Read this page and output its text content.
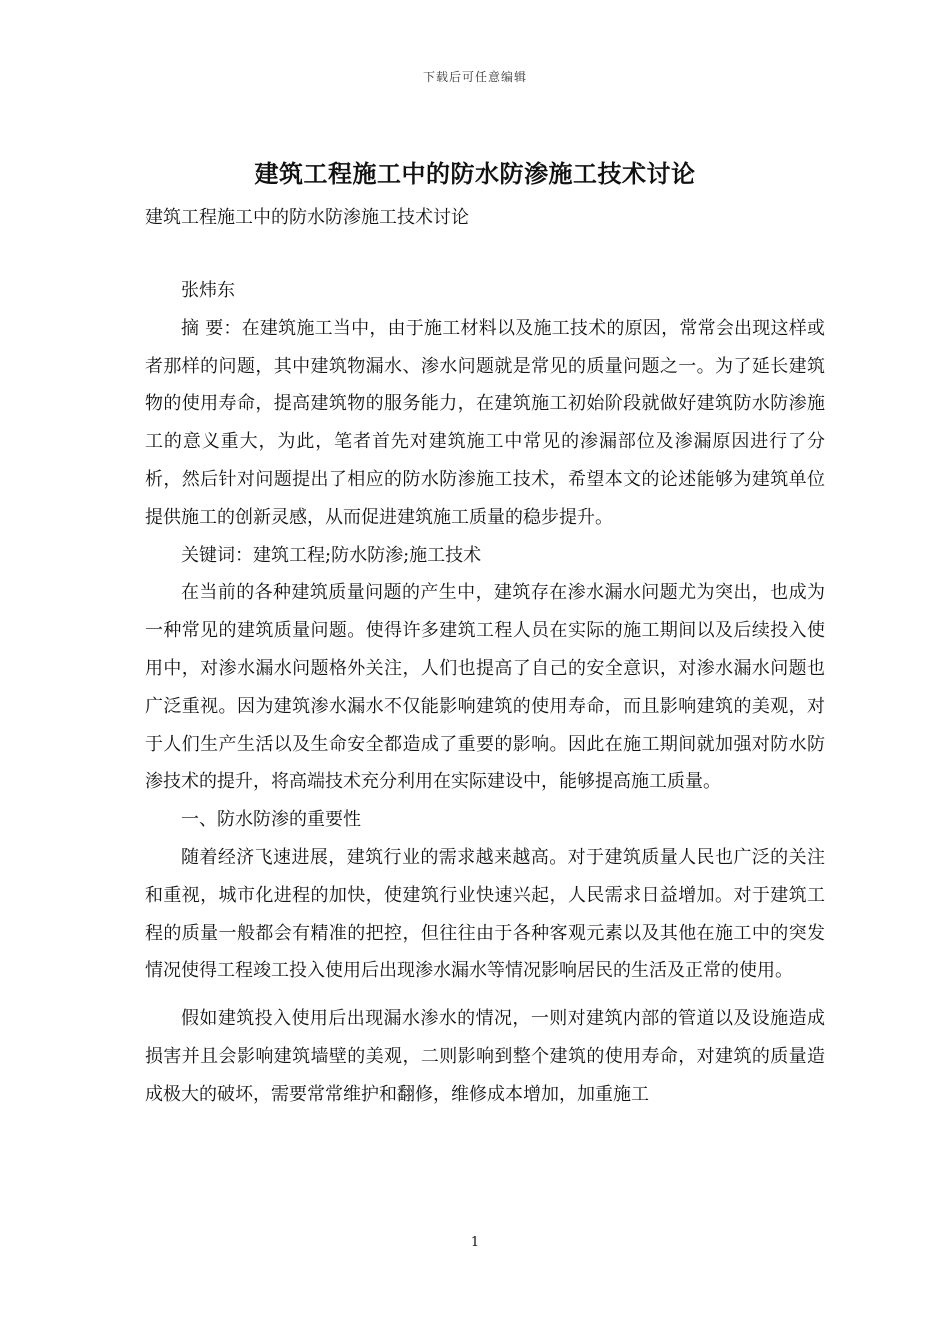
下载后可任意编辑
建筑工程施工中的防水防渗施工技术讨论
建筑工程施工中的防水防渗施工技术讨论

张炜东

摘 要：在建筑施工当中，由于施工材料以及施工技术的原因，常常会出现这样或者那样的问题，其中建筑物漏水、渗水问题就是常见的质量问题之一。为了延长建筑物的使用寿命，提高建筑物的服务能力，在建筑施工初始阶段就做好建筑防水防渗施工的意义重大，为此，笔者首先对建筑施工中常见的渗漏部位及渗漏原因进行了分析，然后针对问题提出了相应的防水防渗施工技术，希望本文的论述能够为建筑单位提供施工的创新灵感，从而促进建筑施工质量的稳步提升。

关键词：建筑工程;防水防渗;施工技术

在当前的各种建筑质量问题的产生中，建筑存在渗水漏水问题尤为突出，也成为一种常见的建筑质量问题。使得许多建筑工程人员在实际的施工期间以及后续投入使用中，对渗水漏水问题格外关注，人们也提高了自己的安全意识，对渗水漏水问题也广泛重视。因为建筑渗水漏水不仅能影响建筑的使用寿命，而且影响建筑的美观，对于人们生产生活以及生命安全都造成了重要的影响。因此在施工期间就加强对防水防渗技术的提升，将高端技术充分利用在实际建设中，能够提高施工质量。

一、防水防渗的重要性

随着经济飞速进展，建筑行业的需求越来越高。对于建筑质量人民也广泛的关注和重视，城市化进程的加快，使建筑行业快速兴起，人民需求日益增加。对于建筑工程的质量一般都会有精准的把控，但往往由于各种客观元素以及其他在施工中的突发情况使得工程竣工投入使用后出现渗水漏水等情况影响居民的生活及正常的使用。

假如建筑投入使用后出现漏水渗水的情况，一则对建筑内部的管道以及设施造成损害并且会影响建筑墙壁的美观，二则影响到整个建筑的使用寿命，对建筑的质量造成极大的破坏，需要常常维护和翻修，维修成本增加，加重施工

1
